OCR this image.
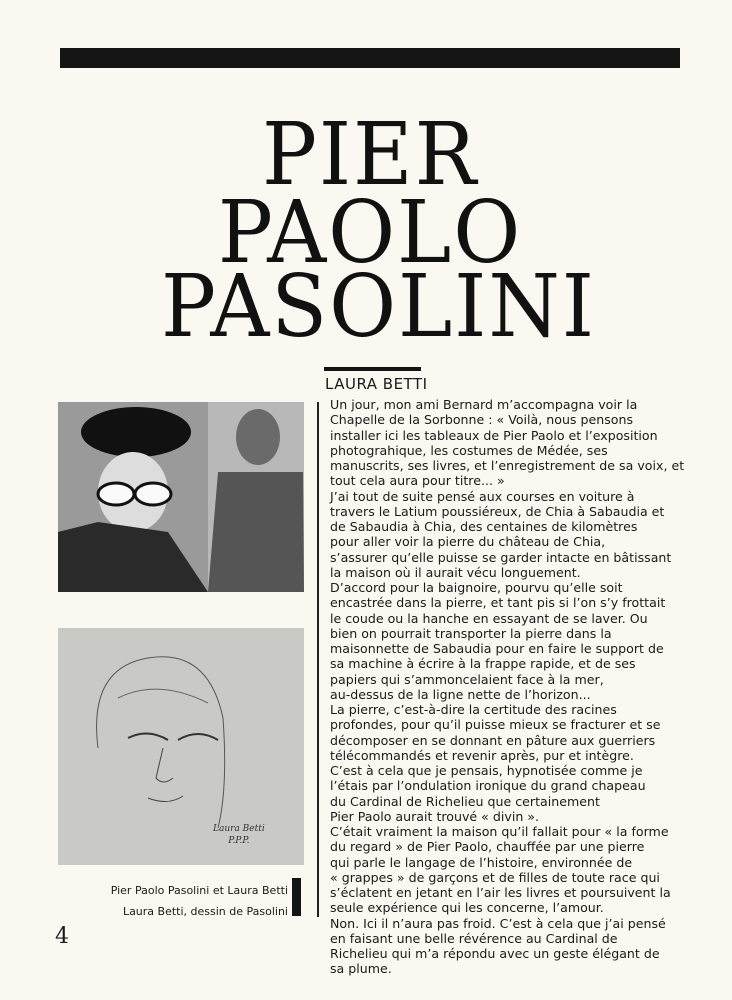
PIER
PAOLO
PASOLINI
LAURA BETTI
Un jour, mon ami Bernard m’accompagna voir la
Chapelle de la Sorbonne : « Voilà, nous pensons
installer ici les tableaux de Pier Paolo et l’exposition
photograhique, les costumes de Médée, ses
manuscrits, ses livres, et l’enregistrement de sa voix, et
tout cela aura pour titre... »
J’ai tout de suite pensé aux courses en voiture à
travers le Latium poussiéreux, de Chia à Sabaudia et
de Sabaudia à Chia, des centaines de kilomètres
pour aller voir la pierre du château de Chia,
s’assurer qu’elle puisse se garder intacte en bâtissant
la maison où il aurait vécu longuement.
D’accord pour la baignoire, pourvu qu’elle soit
encastrée dans la pierre, et tant pis si l’on s’y frottait
le coude ou la hanche en essayant de se laver. Ou
bien on pourrait transporter la pierre dans la
maisonnette de Sabaudia pour en faire le support de
sa machine à écrire à la frappe rapide, et de ses
papiers qui s’ammoncelaient face à la mer,
au-dessus de la ligne nette de l’horizon...
La pierre, c’est-à-dire la certitude des racines
profondes, pour qu’il puisse mieux se fracturer et se
décomposer en se donnant en pâture aux guerriers
télécommandés et revenir après, pur et intègre.
C’est à cela que je pensais, hypnotisée comme je
l’étais par l’ondulation ironique du grand chapeau
du Cardinal de Richelieu que certainement
Pier Paolo aurait trouvé « divin ».
C’était vraiment la maison qu’il fallait pour « la forme
du regard » de Pier Paolo, chauffée par une pierre
qui parle le langage de l’histoire, environnée de
« grappes » de garçons et de filles de toute race qui
s’éclatent en jetant en l’air les livres et poursuivent la
seule expérience qui les concerne, l’amour.
Non. Ici il n’aura pas froid. C’est à cela que j’ai pensé
en faisant une belle révérence au Cardinal de
Richelieu qui m’a répondu avec un geste élégant de
sa plume.
Laura Betti
P.P.P.
Pier Paolo Pasolini et Laura Betti
Laura Betti, dessin de Pasolini
4
